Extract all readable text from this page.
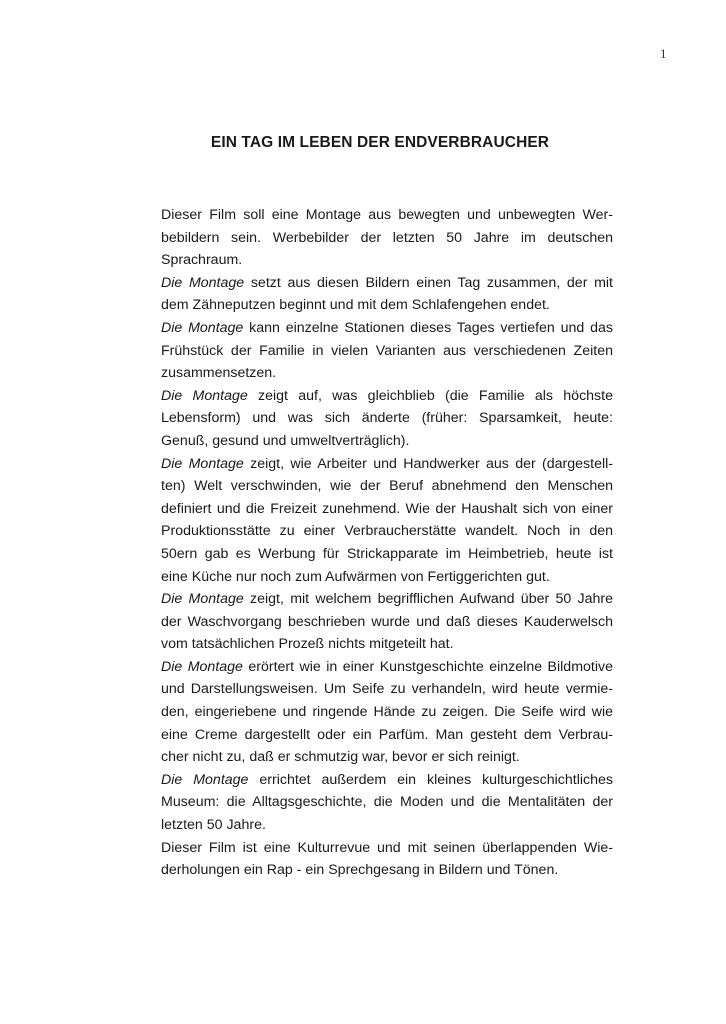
1
EIN TAG IM LEBEN DER ENDVERBRAUCHER
Dieser Film soll eine Montage aus bewegten und unbewegten Wer-
bebildern sein. Werbebilder der letzten 50 Jahre im deutschen
Sprachraum.
Die Montage setzt aus diesen Bildern einen Tag zusammen, der mit
dem Zähneputzen beginnt und mit dem Schlafengehen endet.
Die Montage kann einzelne Stationen dieses Tages vertiefen und das
Frühstück der Familie in vielen Varianten aus verschiedenen Zeiten
zusammensetzen.
Die Montage zeigt auf, was gleichblieb (die Familie als höchste
Lebensform) und was sich änderte (früher: Sparsamkeit, heute:
Genuß, gesund und umweltverträglich).
Die Montage zeigt, wie Arbeiter und Handwerker aus der (dargestell-
ten) Welt verschwinden, wie der Beruf abnehmend den Menschen
definiert und die Freizeit zunehmend. Wie der Haushalt sich von einer
Produktionsstätte zu einer Verbraucherstätte wandelt. Noch in den
50ern gab es Werbung für Strickapparate im Heimbetrieb, heute ist
eine Küche nur noch zum Aufwärmen von Fertiggerichten gut.
Die Montage zeigt, mit welchem begrifflichen Aufwand über 50 Jahre
der Waschvorgang beschrieben wurde und daß dieses Kauderwelsch
vom tatsächlichen Prozeß nichts mitgeteilt hat.
Die Montage erörtert wie in einer Kunstgeschichte einzelne Bildmotive
und Darstellungsweisen. Um Seife zu verhandeln, wird heute vermie-
den, eingeriebene und ringende Hände zu zeigen. Die Seife wird wie
eine Creme dargestellt oder ein Parfüm. Man gesteht dem Verbrau-
cher nicht zu, daß er schmutzig war, bevor er sich reinigt.
Die Montage errichtet außerdem ein kleines kulturgeschichtliches
Museum: die Alltagsgeschichte, die Moden und die Mentalitäten der
letzten 50 Jahre.
Dieser Film ist eine Kulturrevue und mit seinen überlappenden Wie-
derholungen ein Rap - ein Sprechgesang in Bildern und Tönen.
